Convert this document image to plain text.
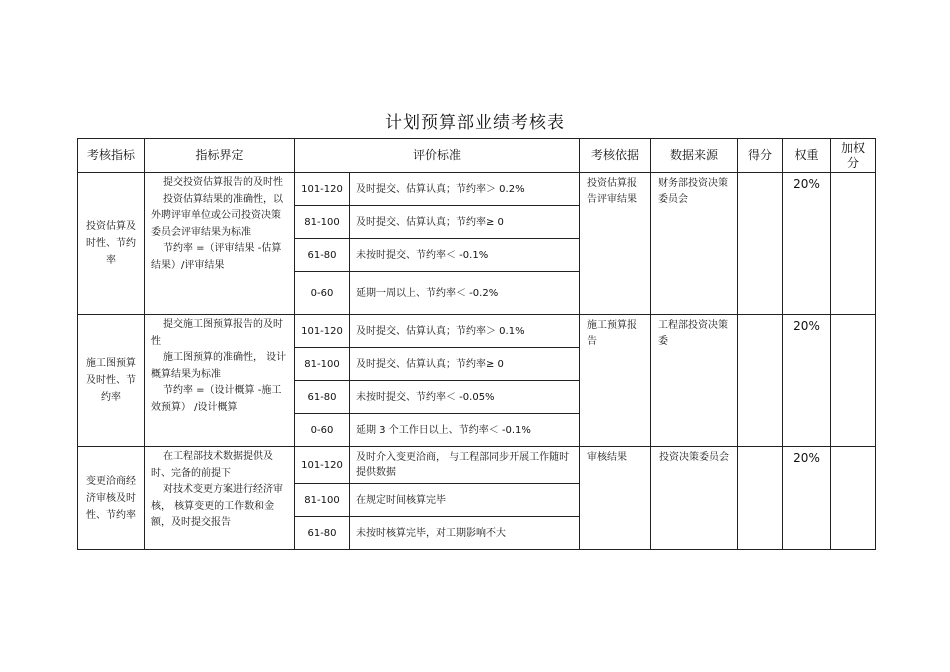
计划预算部业绩考核表
考核指标	指标界定	评价标准		考核依据	数据来源	得分	权重	加权分
投资估算及时性、节约率	提交投资估算报告的及时性

投资估算结果的准确性，以外聘评审单位或公司投资决策委员会评审结果为标准

节约率 =（评审结果 -估算结果）/评审结果	101-120	及时提交、估算认真；节约率＞ 0.2%	投资估算报告评审结果	财务部投资决策委员会		20%	
		81-100	及时提交、估算认真；节约率≥ 0					
		61-80	未按时提交、节约率＜ -0.1%					
		0-60	延期一周以上、节约率＜ -0.2%					
施工图预算及时性、节约率	提交施工图预算报告的及时性

施工图预算的准确性， 设计概算结果为标准

节约率 =（设计概算 -施工效预算） /设计概算	101-120	及时提交、估算认真；节约率＞ 0.1%	施工预算报告	工程部投资决策委		20%	
		81-100	及时提交、估算认真；节约率≥ 0					
		61-80	未按时提交、节约率＜ -0.05%					
		0-60	延期 3 个工作日以上、节约率＜ -0.1%					
变更洽商经济审核及时性、节约率	在工程部技术数据提供及时、完备的前提下

对技术变更方案进行经济审核， 核算变更的工作数和金额，及时提交报告	101-120	及时介入变更洽商， 与工程部同步开展工作随时提供数据	审核结果	投资决策委员会		20%	
		81-100	在规定时间核算完毕					
		61-80	未按时核算完毕，对工期影响不大					
